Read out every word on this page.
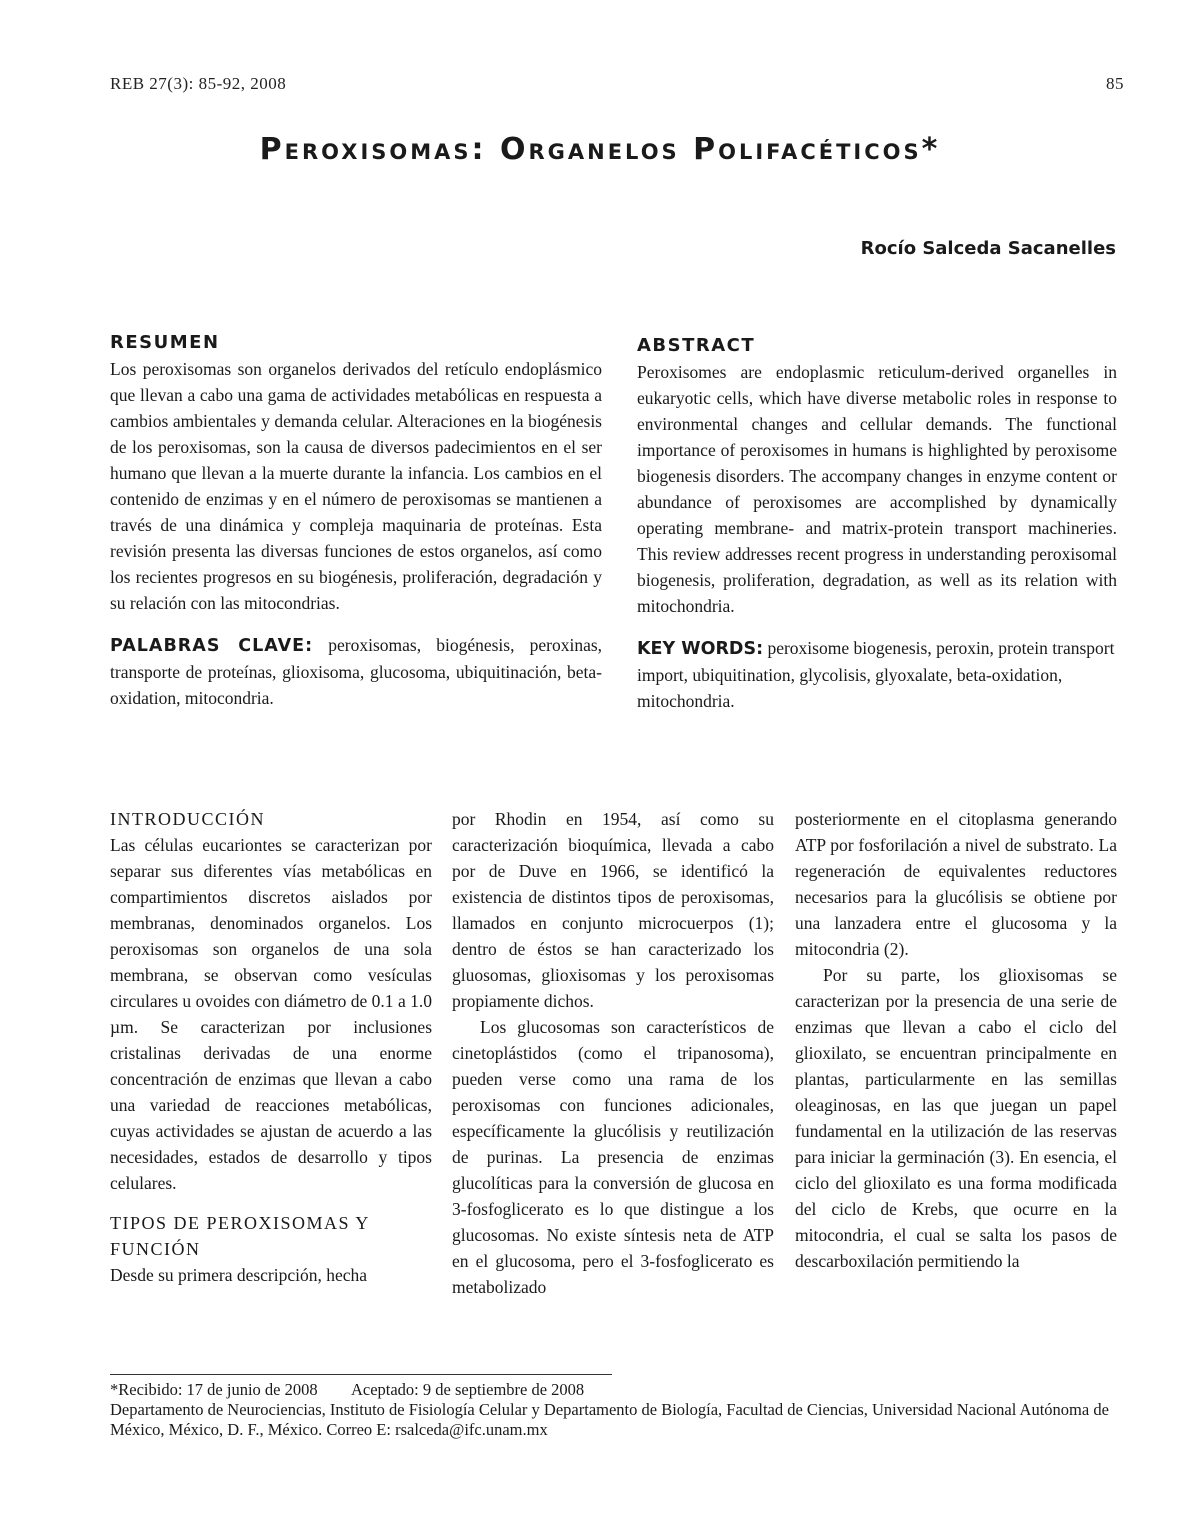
REB 27(3): 85-92, 2008	85
Peroxisomas: Organelos Polifacéticos*
Rocío Salceda Sacanelles
RESUMEN
Los peroxisomas son organelos derivados del retículo endoplásmico que llevan a cabo una gama de actividades metabólicas en respuesta a cambios ambientales y demanda celular. Alteraciones en la biogénesis de los peroxisomas, son la causa de diversos padecimientos en el ser humano que llevan a la muerte durante la infancia. Los cambios en el contenido de enzimas y en el número de peroxisomas se mantienen a través de una dinámica y compleja maquinaria de proteínas. Esta revisión presenta las diversas funciones de estos organelos, así como los recientes progresos en su biogénesis, proliferación, degradación y su relación con las mitocondrias.
PALABRAS CLAVE: peroxisomas, biogénesis, peroxinas, transporte de proteínas, glioxisoma, glucosoma, ubiquitinación, beta-oxidation, mitocondria.
ABSTRACT
Peroxisomes are endoplasmic reticulum-derived organelles in eukaryotic cells, which have diverse metabolic roles in response to environmental changes and cellular demands. The functional importance of peroxisomes in humans is highlighted by peroxisome biogenesis disorders. The accompany changes in enzyme content or abundance of peroxisomes are accomplished by dynamically operating membrane- and matrix-protein transport machineries. This review addresses recent progress in understanding peroxisomal biogenesis, proliferation, degradation, as well as its relation with mitochondria.
KEY WORDS: peroxisome biogenesis, peroxin, protein transport import, ubiquitination, glycolisis, glyoxalate, beta-oxidation, mitochondria.
INTRODUCCIÓN
Las células eucariontes se caracterizan por separar sus diferentes vías metabólicas en compartimientos discretos aislados por membranas, denominados organelos. Los peroxisomas son organelos de una sola membrana, se observan como vesículas circulares u ovoides con diámetro de 0.1 a 1.0 µm. Se caracterizan por inclusiones cristalinas derivadas de una enorme concentración de enzimas que llevan a cabo una variedad de reacciones metabólicas, cuyas actividades se ajustan de acuerdo a las necesidades, estados de desarrollo y tipos celulares.
TIPOS DE PEROXISOMAS Y FUNCIÓN
Desde su primera descripción, hecha
por Rhodin en 1954, así como su caracterización bioquímica, llevada a cabo por de Duve en 1966, se identificó la existencia de distintos tipos de peroxisomas, llamados en conjunto microcuerpos (1); dentro de éstos se han caracterizado los gluosomas, glioxisomas y los peroxisomas propiamente dichos.
Los glucosomas son característicos de cinetoplástidos (como el tripanosoma), pueden verse como una rama de los peroxisomas con funciones adicionales, específicamente la glucólisis y reutilización de purinas. La presencia de enzimas glucolíticas para la conversión de glucosa en 3-fosfoglicerato es lo que distingue a los glucosomas. No existe síntesis neta de ATP en el glucosoma, pero el 3-fosfoglicerato es metabolizado
posteriormente en el citoplasma generando ATP por fosforilación a nivel de substrato. La regeneración de equivalentes reductores necesarios para la glucólisis se obtiene por una lanzadera entre el glucosoma y la mitocondria (2).
Por su parte, los glioxisomas se caracterizan por la presencia de una serie de enzimas que llevan a cabo el ciclo del glioxilato, se encuentran principalmente en plantas, particularmente en las semillas oleaginosas, en las que juegan un papel fundamental en la utilización de las reservas para iniciar la germinación (3). En esencia, el ciclo del glioxilato es una forma modificada del ciclo de Krebs, que ocurre en la mitocondria, el cual se salta los pasos de descarboxilación permitiendo la
*Recibido: 17 de junio de 2008 Aceptado: 9 de septiembre de 2008
Departamento de Neurociencias, Instituto de Fisiología Celular y Departamento de Biología, Facultad de Ciencias, Universidad Nacional Autónoma de México, México, D. F., México. Correo E: rsalceda@ifc.unam.mx
